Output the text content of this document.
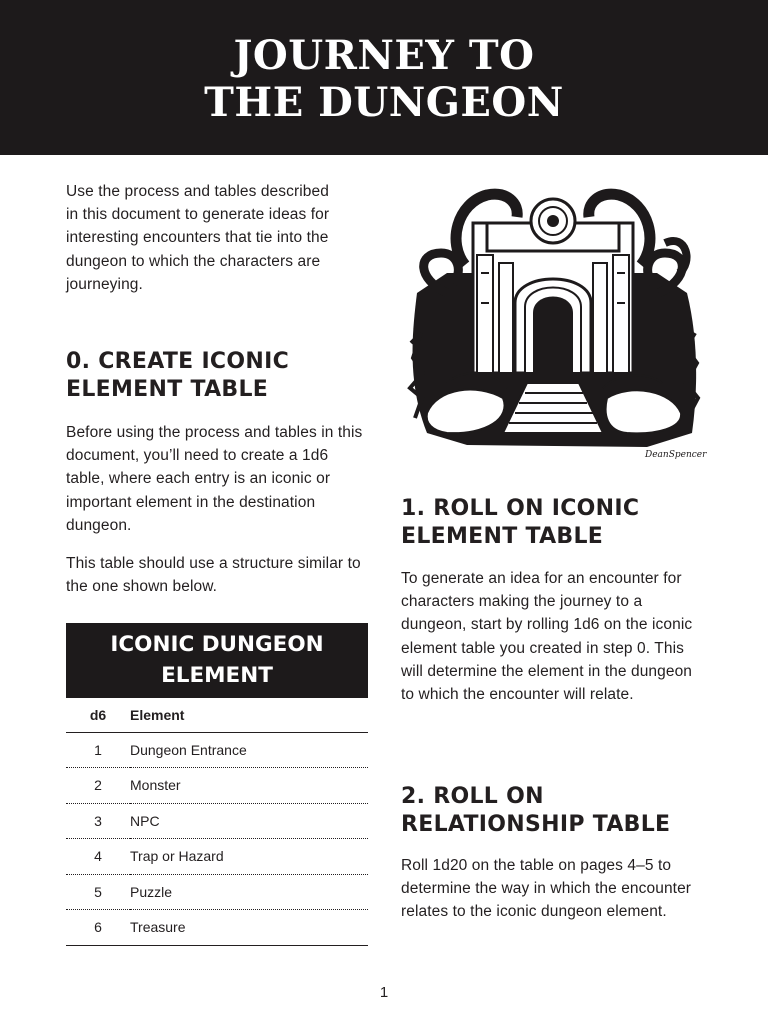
JOURNEY TO
THE DUNGEON

Use the process and tables described in this document to generate ideas for interesting encounters that tie into the dungeon to which the characters are journeying.

0. CREATE ICONIC
ELEMENT TABLE

Before using the process and tables in this document, you’ll need to create a 1d6 table, where each entry is an iconic or important element in the destination dungeon.

This table should use a structure similar to the one shown below.

ICONIC DUNGEON
ELEMENT
d6	Element
1	Dungeon Entrance
2	Monster
3	NPC
4	Trap or Hazard
5	Puzzle
6	Treasure
DeanSpencer
1. ROLL ON ICONIC
ELEMENT TABLE

To generate an idea for an encounter for characters making the journey to a dungeon, start by rolling 1d6 on the iconic element table you created in step 0. This will determine the element in the dungeon to which the encounter will relate.

2. ROLL ON
RELATIONSHIP TABLE

Roll 1d20 on the table on pages 4–5 to determine the way in which the encounter relates to the iconic dungeon element.

1
